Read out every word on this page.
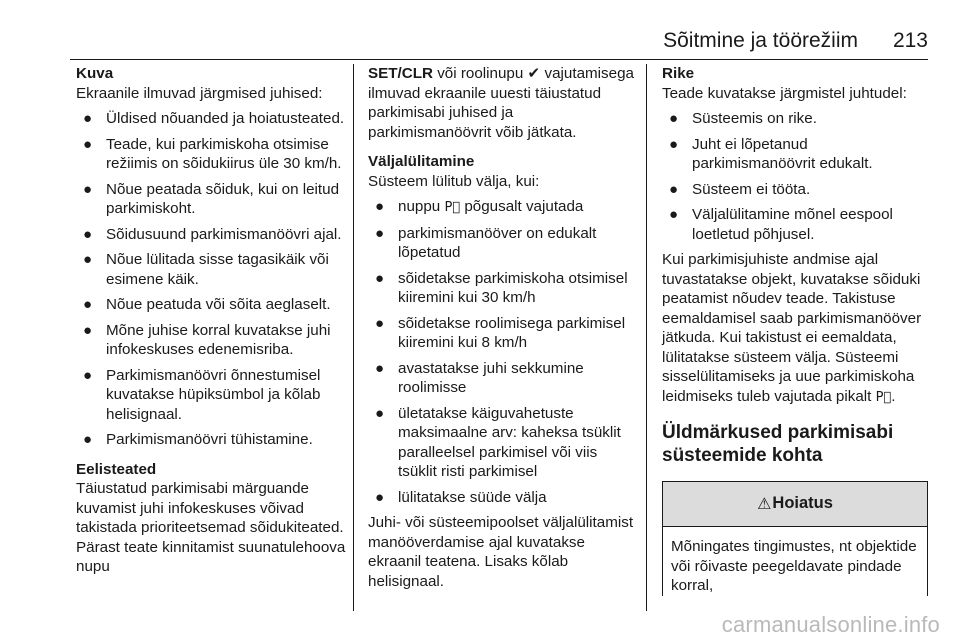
Sõitmine ja töörežiim 213

Kuva

Ekraanile ilmuvad järgmised juhised:

● Üldised nõuanded ja hoiatusteated.
● Teade, kui parkimiskoha otsimise režiimis on sõidukiirus üle 30 km/h.
● Nõue peatada sõiduk, kui on leitud parkimiskoht.
● Sõidusuund parkimismanöövri ajal.
● Nõue lülitada sisse tagasikäik või esimene käik.
● Nõue peatuda või sõita aeglaselt.
● Mõne juhise korral kuvatakse juhi infokeskuses edenemisriba.
● Parkimismanöövri õnnestumisel kuvatakse hüpiksümbol ja kõlab helisignaal.
● Parkimismanöövri tühistamine.

Eelisteated

Täiustatud parkimisabi märguande kuvamist juhi infokeskuses võivad takistada prioriteetsemad sõidukiteated. Pärast teate kinnitamist suunatulehoova nupu

SET/CLR või roolinupu ✔ vajutamisega ilmuvad ekraanile uuesti täiustatud parkimisabi juhised ja parkimismanöövrit võib jätkata.

Väljalülitamine

Süsteem lülitub välja, kui:

● nuppu P⃞ põgusalt vajutada
● parkimismanööver on edukalt lõpetatud
● sõidetakse parkimiskoha otsimisel kiiremini kui 30 km/h
● sõidetakse roolimisega parkimisel kiiremini kui 8 km/h
● avastatakse juhi sekkumine roolimisse
● ületatakse käiguvahetuste maksimaalne arv: kaheksa tsüklit paralleelsel parkimisel või viis tsüklit risti parkimisel
● lülitatakse süüde välja

Juhi- või süsteemipoolset väljalülitamist manööverdamise ajal kuvatakse ekraanil teatena. Lisaks kõlab helisignaal.

Rike

Teade kuvatakse järgmistel juhtudel:

● Süsteemis on rike.
● Juht ei lõpetanud parkimismanöövrit edukalt.
● Süsteem ei tööta.
● Väljalülitamine mõnel eespool loetletud põhjusel.

Kui parkimisjuhiste andmise ajal tuvastatakse objekt, kuvatakse sõiduki peatamist nõudev teade. Takistuse eemaldamisel saab parkimismanööver jätkuda. Kui takistust ei eemaldata, lülitatakse süsteem välja. Süsteemi sisselülitamiseks ja uue parkimiskoha leidmiseks tuleb vajutada pikalt P⃞.

Üldmärkused parkimisabi süsteemide kohta

⚠ Hoiatus
Mõningates tingimustes, nt objektide või rõivaste peegeldavate pindade korral,
carmanualsonline.info
